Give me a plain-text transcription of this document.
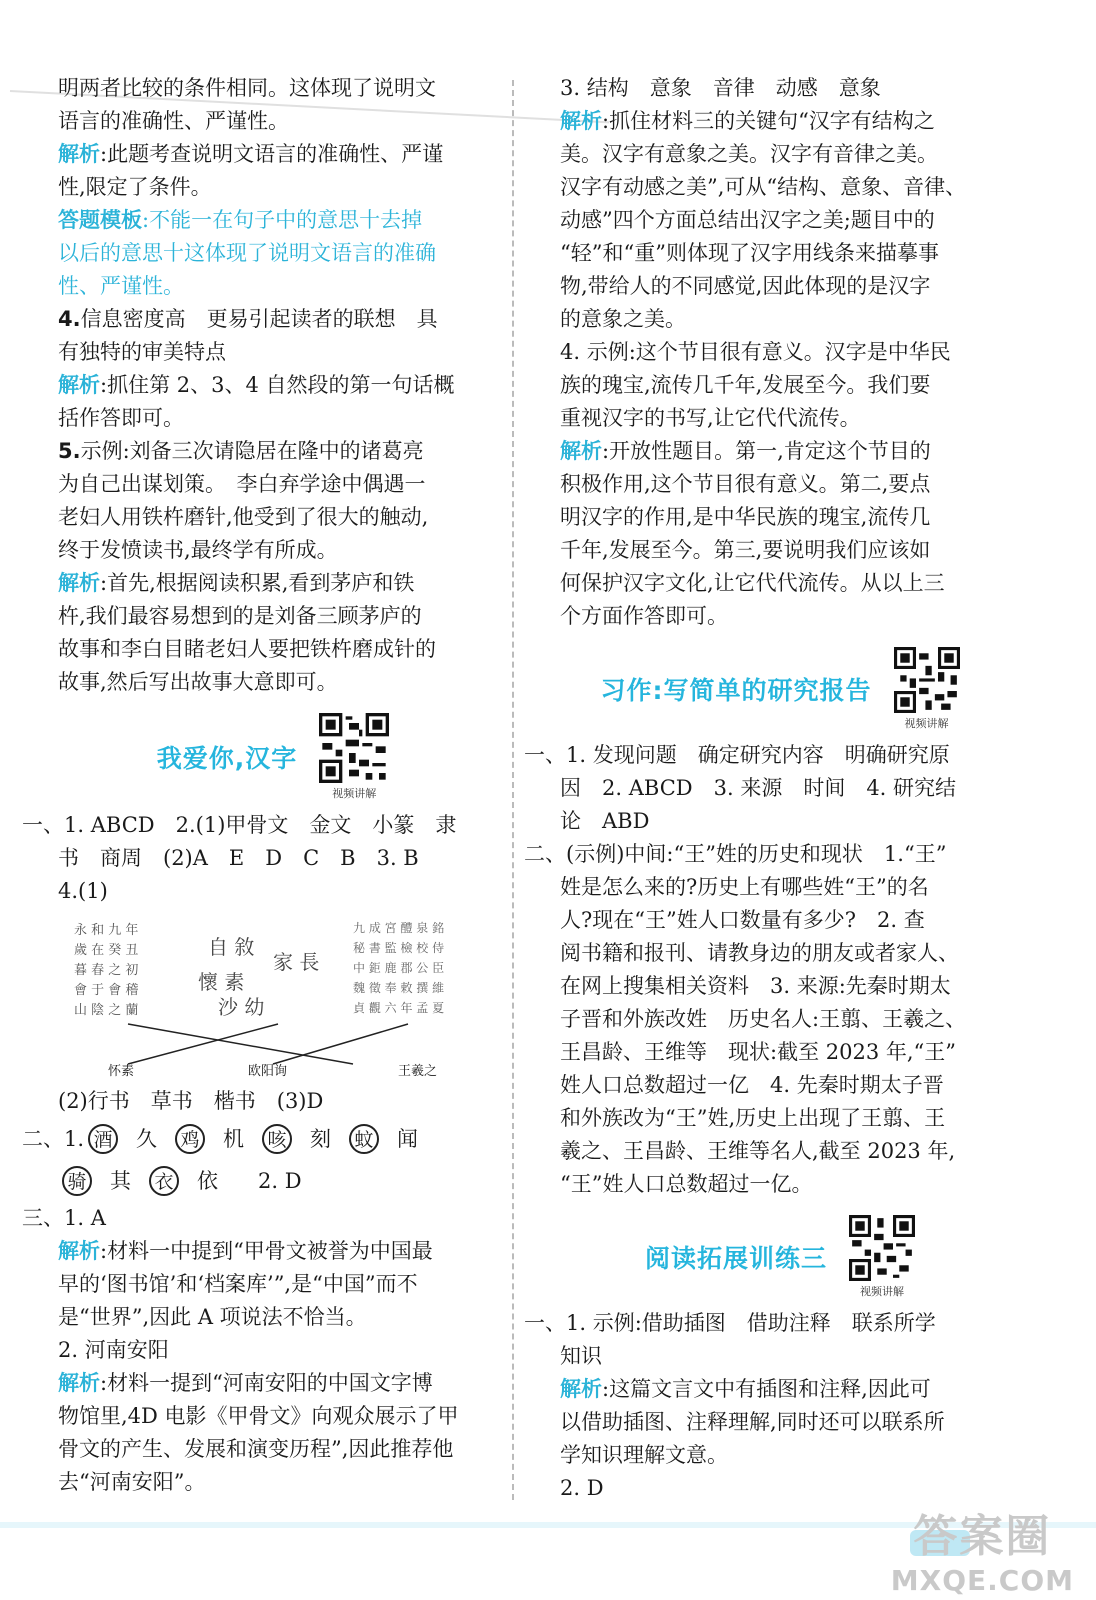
明两者比较的条件相同。这体现了说明文
语言的准确性、严谨性。
解析:此题考查说明文语言的准确性、严谨
性,限定了条件。
答题模板:不能一在句子中的意思十去掉
以后的意思十这体现了说明文语言的准确
性、严谨性。
4.信息密度高　更易引起读者的联想　具
有独特的审美特点
解析:抓住第 2、3、4 自然段的第一句话概
括作答即可。
5.示例:刘备三次请隐居在隆中的诸葛亮
为自己出谋划策。　李白弃学途中偶遇一
老妇人用铁杵磨针,他受到了很大的触动,
终于发愤读书,最终学有所成。
解析:首先,根据阅读积累,看到茅庐和铁
杵,我们最容易想到的是刘备三顾茅庐的
故事和李白目睹老妇人要把铁杵磨成针的
故事,然后写出故事大意即可。
我爱你,汉字
视频讲解
一、1. ABCD　2.(1)甲骨文　金文　小篆　隶
书　商周　(2)A　E　D　C　B　3. B
4.(1)
永 和 九 年
歲 在 癸 丑
暮 春 之 初
會 于 會 稽
山 陰 之 蘭
自 敘
懷 素
家 長
沙 幼
九 成 宮 醴 泉 銘
秘 書 監 檢 校 侍
中 鉅 鹿 郡 公 臣
魏 徵 奉 敕 撰 維
貞 觀 六 年 孟 夏
怀素	欧阳询	王羲之
(2)行书　草书　楷书　(3)D
二、1. 酒 久 鸡 机 咳 刻 蚊 闻
骑 其 衣 依 2. D
三、1. A
解析:材料一中提到“甲骨文被誉为中国最
早的‘图书馆’和‘档案库’”,是“中国”而不
是“世界”,因此 A 项说法不恰当。
2. 河南安阳
解析:材料一提到“河南安阳的中国文字博
物馆里,4D 电影《甲骨文》向观众展示了甲
骨文的产生、发展和演变历程”,因此推荐他
去“河南安阳”。
3. 结构　意象　音律　动感　意象
解析:抓住材料三的关键句“汉字有结构之
美。汉字有意象之美。汉字有音律之美。
汉字有动感之美”,可从“结构、意象、音律、
动感”四个方面总结出汉字之美;题目中的
“轻”和“重”则体现了汉字用线条来描摹事
物,带给人的不同感觉,因此体现的是汉字
的意象之美。
4. 示例:这个节目很有意义。汉字是中华民
族的瑰宝,流传几千年,发展至今。我们要
重视汉字的书写,让它代代流传。
解析:开放性题目。第一,肯定这个节目的
积极作用,这个节目很有意义。第二,要点
明汉字的作用,是中华民族的瑰宝,流传几
千年,发展至今。第三,要说明我们应该如
何保护汉字文化,让它代代流传。从以上三
个方面作答即可。
习作:写简单的研究报告
视频讲解
一、1. 发现问题　确定研究内容　明确研究原
因　2. ABCD　3. 来源　时间　4. 研究结
论　ABD
二、(示例)中间:“王”姓的历史和现状　1.“王”
姓是怎么来的?历史上有哪些姓“王”的名
人?现在“王”姓人口数量有多少?　2. 查
阅书籍和报刊、请教身边的朋友或者家人、
在网上搜集相关资料　3. 来源:先秦时期太
子晋和外族改姓　历史名人:王翦、王羲之、
王昌龄、王维等　现状:截至 2023 年,“王”
姓人口总数超过一亿　4. 先秦时期太子晋
和外族改为“王”姓,历史上出现了王翦、王
羲之、王昌龄、王维等名人,截至 2023 年,
“王”姓人口总数超过一亿。
阅读拓展训练三
视频讲解
一、1. 示例:借助插图　借助注释　联系所学
知识
解析:这篇文言文中有插图和注释,因此可
以借助插图、注释理解,同时还可以联系所
学知识理解文意。
2. D
答案圈
MXQE.COM
